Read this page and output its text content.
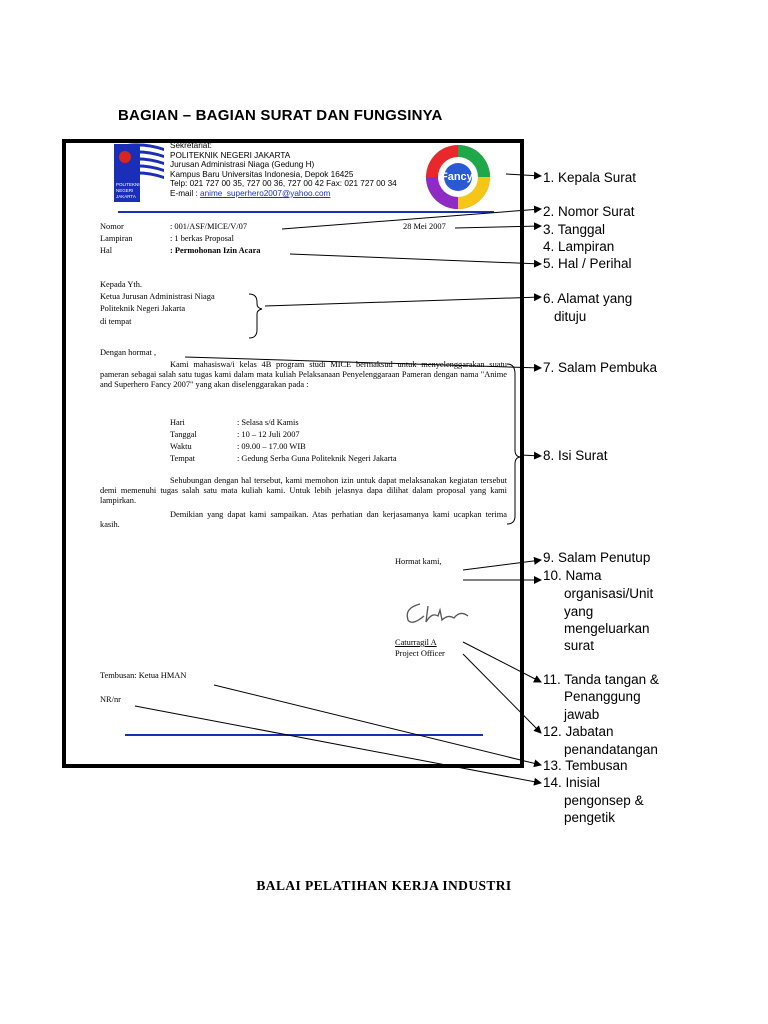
BAGIAN – BAGIAN SURAT DAN FUNGSINYA
POLITEKNIK
NEGERI
JAKARTA
Sekretariat:
POLITEKNIK NEGERI JAKARTA
Jurusan Administrasi Niaga (Gedung H)
Kampus Baru Universitas Indonesia, Depok 16425
Telp: 021 727 00 35, 727 00 36, 727 00 42 Fax: 021 727 00 34
E-mail : anime_superhero2007@yahoo.com
Fancy
Nomor	: 001/ASF/MICE/V/07	28 Mei 2007
Lampiran	: 1 berkas Proposal
Hal	: Permohonan Izin Acara
Kepada Yth.
Ketua Jurusan Administrasi Niaga
Politeknik Negeri Jakarta
di tempat
Dengan hormat ,
Kami mahasiswa/i kelas 4B program studi MICE bermaksud untuk menyelenggarakan suatu pameran sebagai salah satu tugas kami dalam mata kuliah Pelaksanaan Penyelenggaraan Pameran dengan nama "Anime and Superhero Fancy 2007" yang akan diselenggarakan pada :
Hari	: Selasa s/d Kamis
Tanggal	: 10 – 12 Juli 2007
Waktu	: 09.00 – 17.00 WIB
Tempat	: Gedung Serba Guna Politeknik Negeri Jakarta
Sehubungan dengan hal tersebut, kami memohon izin untuk dapat melaksanakan kegiatan tersebut demi memenuhi tugas salah satu mata kuliah kami. Untuk lebih jelasnya dapa dilihat dalam proposal yang kami lampirkan.
Demikian yang dapat kami sampaikan. Atas perhatian dan kerjasamanya kami ucapkan terima kasih.
Hormat kami,
Caturragil A
Project Officer
Tembusan: Ketua HMAN
NR/nr
1. Kepala Surat
2. Nomor Surat
3. Tanggal
4. Lampiran
5. Hal / Perihal
6. Alamat yang
dituju
7. Salam Pembuka
8. Isi Surat
9. Salam Penutup
10. Nama
organisasi/Unit
yang
mengeluarkan
surat
11. Tanda tangan &
Penanggung
jawab
12. Jabatan
penandatangan
13. Tembusan
14. Inisial
pengonsep &
pengetik
BALAI PELATIHAN KERJA INDUSTRI
